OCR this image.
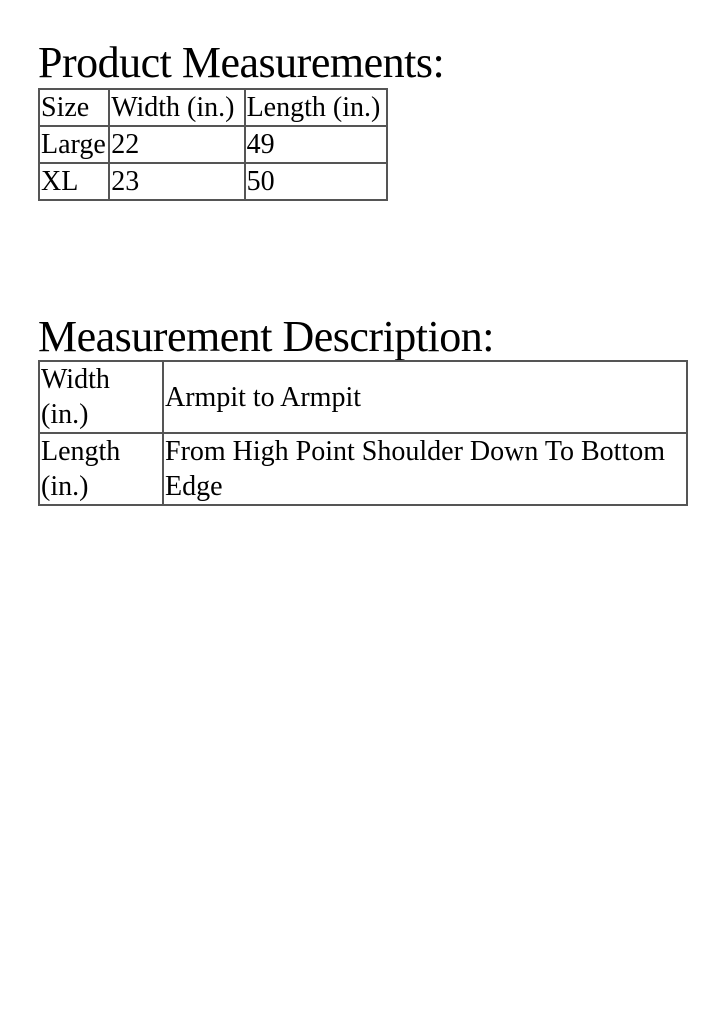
Product Measurements:
Size	Width (in.)	Length (in.)
Large	22	49
XL	23	50
Measurement Description:
Width (in.)	Armpit to Armpit
Length (in.)	From High Point Shoulder Down To Bottom Edge
